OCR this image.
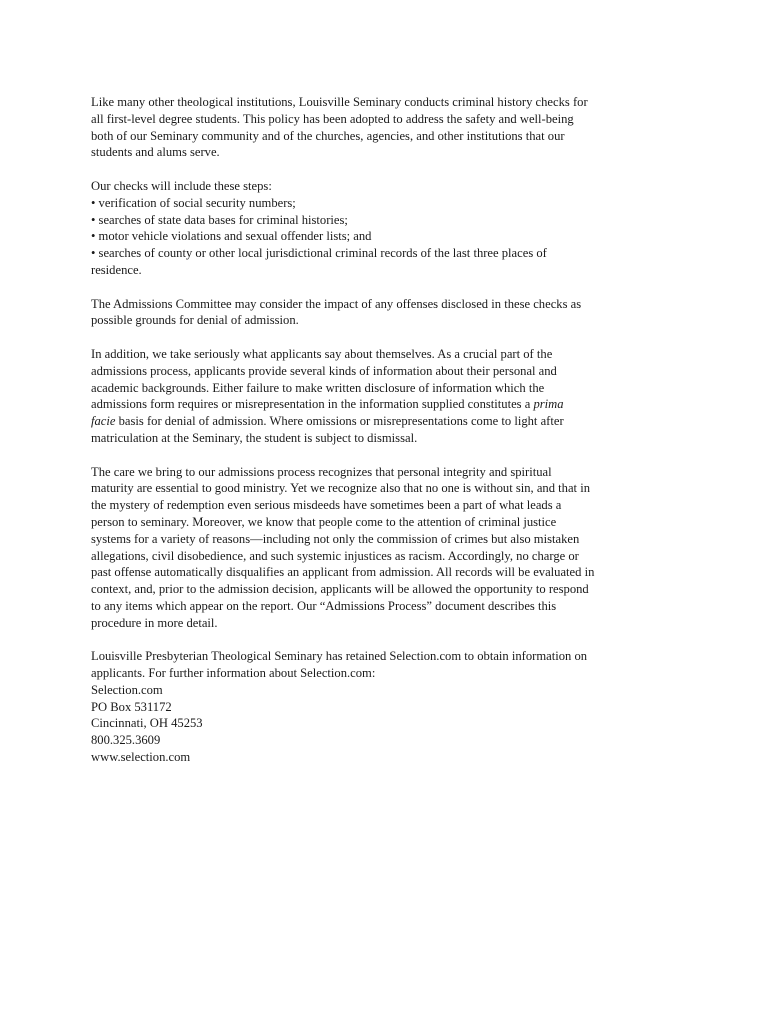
Like many other theological institutions, Louisville Seminary conducts criminal history checks for
all first-level degree students. This policy has been adopted to address the safety and well-being
both of our Seminary community and of the churches, agencies, and other institutions that our
students and alums serve.

Our checks will include these steps:
• verification of social security numbers;
• searches of state data bases for criminal histories;
• motor vehicle violations and sexual offender lists; and
• searches of county or other local jurisdictional criminal records of the last three places of
residence.

The Admissions Committee may consider the impact of any offenses disclosed in these checks as
possible grounds for denial of admission.

In addition, we take seriously what applicants say about themselves. As a crucial part of the
admissions process, applicants provide several kinds of information about their personal and
academic backgrounds. Either failure to make written disclosure of information which the
admissions form requires or misrepresentation in the information supplied constitutes a prima
facie basis for denial of admission. Where omissions or misrepresentations come to light after
matriculation at the Seminary, the student is subject to dismissal.

The care we bring to our admissions process recognizes that personal integrity and spiritual
maturity are essential to good ministry. Yet we recognize also that no one is without sin, and that in
the mystery of redemption even serious misdeeds have sometimes been a part of what leads a
person to seminary. Moreover, we know that people come to the attention of criminal justice
systems for a variety of reasons—including not only the commission of crimes but also mistaken
allegations, civil disobedience, and such systemic injustices as racism. Accordingly, no charge or
past offense automatically disqualifies an applicant from admission. All records will be evaluated in
context, and, prior to the admission decision, applicants will be allowed the opportunity to respond
to any items which appear on the report. Our “Admissions Process” document describes this
procedure in more detail.

Louisville Presbyterian Theological Seminary has retained Selection.com to obtain information on
applicants. For further information about Selection.com:
Selection.com
PO Box 531172
Cincinnati, OH 45253
800.325.3609
www.selection.com
